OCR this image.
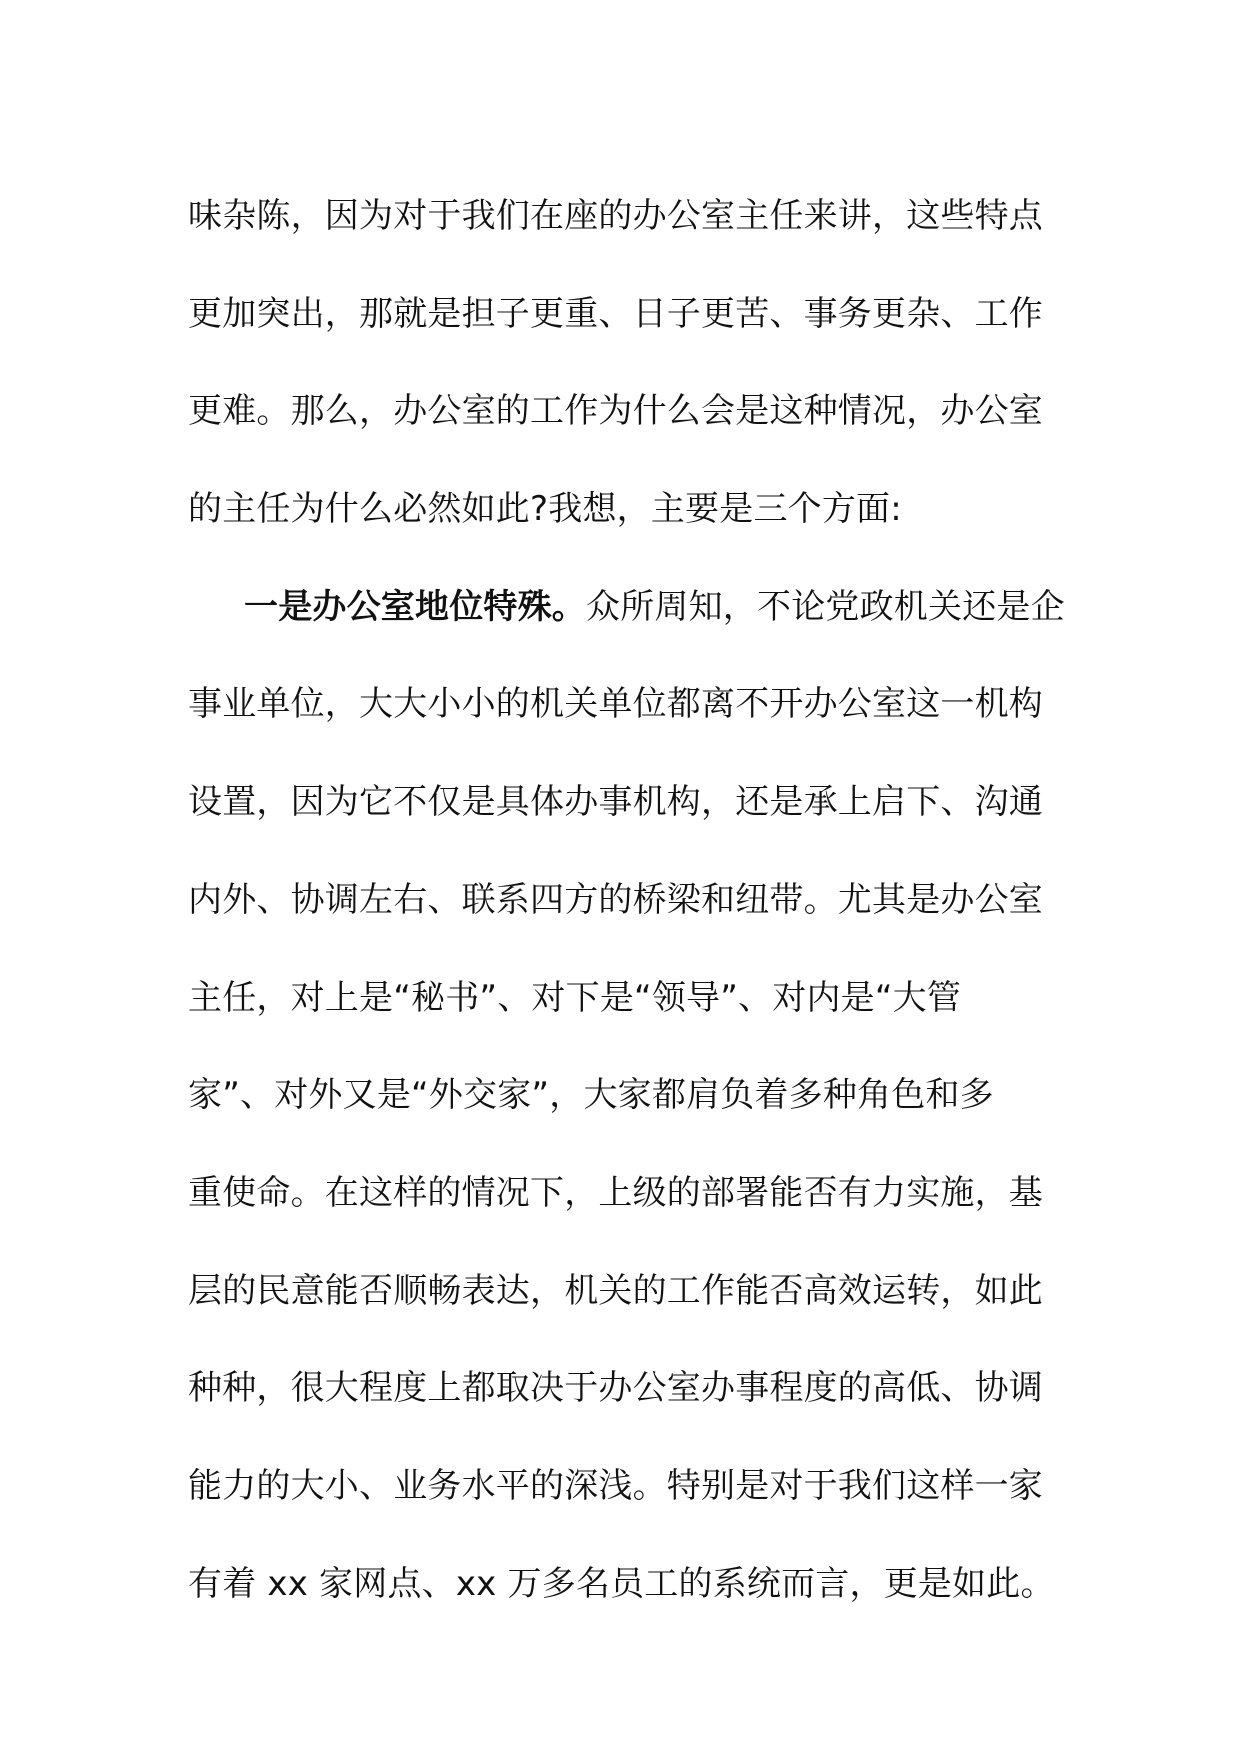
味杂陈，因为对于我们在座的办公室主任来讲，这些特点
更加突出，那就是担子更重、日子更苦、事务更杂、工作
更难。那么，办公室的工作为什么会是这种情况，办公室
的主任为什么必然如此?我想，主要是三个方面:
一是办公室地位特殊。众所周知，不论党政机关还是企
事业单位，大大小小的机关单位都离不开办公室这一机构
设置，因为它不仅是具体办事机构，还是承上启下、沟通
内外、协调左右、联系四方的桥梁和纽带。尤其是办公室
主任，对上是“秘书”、对下是“领导”、对内是“大管
家”、对外又是“外交家”，大家都肩负着多种角色和多
重使命。在这样的情况下，上级的部署能否有力实施，基
层的民意能否顺畅表达，机关的工作能否高效运转，如此
种种，很大程度上都取决于办公室办事程度的高低、协调
能力的大小、业务水平的深浅。特别是对于我们这样一家
有着 xx 家网点、xx 万多名员工的系统而言，更是如此。
